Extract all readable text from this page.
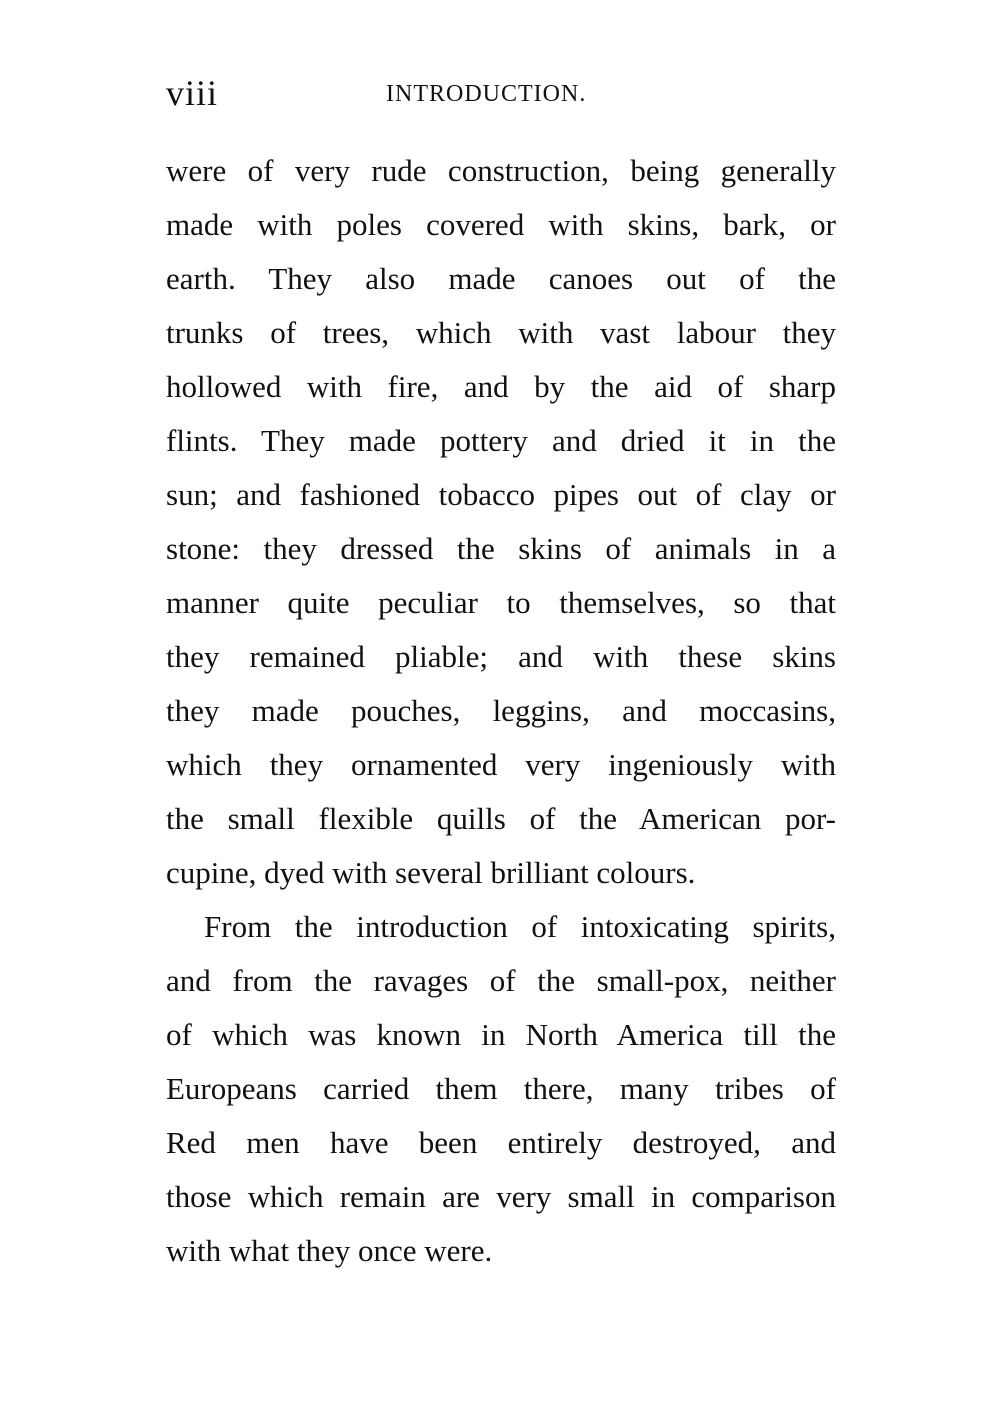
viii	INTRODUCTION.
were of very rude construction, being generally
made with poles covered with skins, bark, or
earth. They also made canoes out of the
trunks of trees, which with vast labour they
hollowed with fire, and by the aid of sharp
flints. They made pottery and dried it in the
sun; and fashioned tobacco pipes out of clay or
stone: they dressed the skins of animals in a
manner quite peculiar to themselves, so that
they remained pliable; and with these skins
they made pouches, leggins, and moccasins,
which they ornamented very ingeniously with
the small flexible quills of the American por-
cupine, dyed with several brilliant colours.
From the introduction of intoxicating spirits,
and from the ravages of the small-pox, neither
of which was known in North America till the
Europeans carried them there, many tribes of
Red men have been entirely destroyed, and
those which remain are very small in comparison
with what they once were.
